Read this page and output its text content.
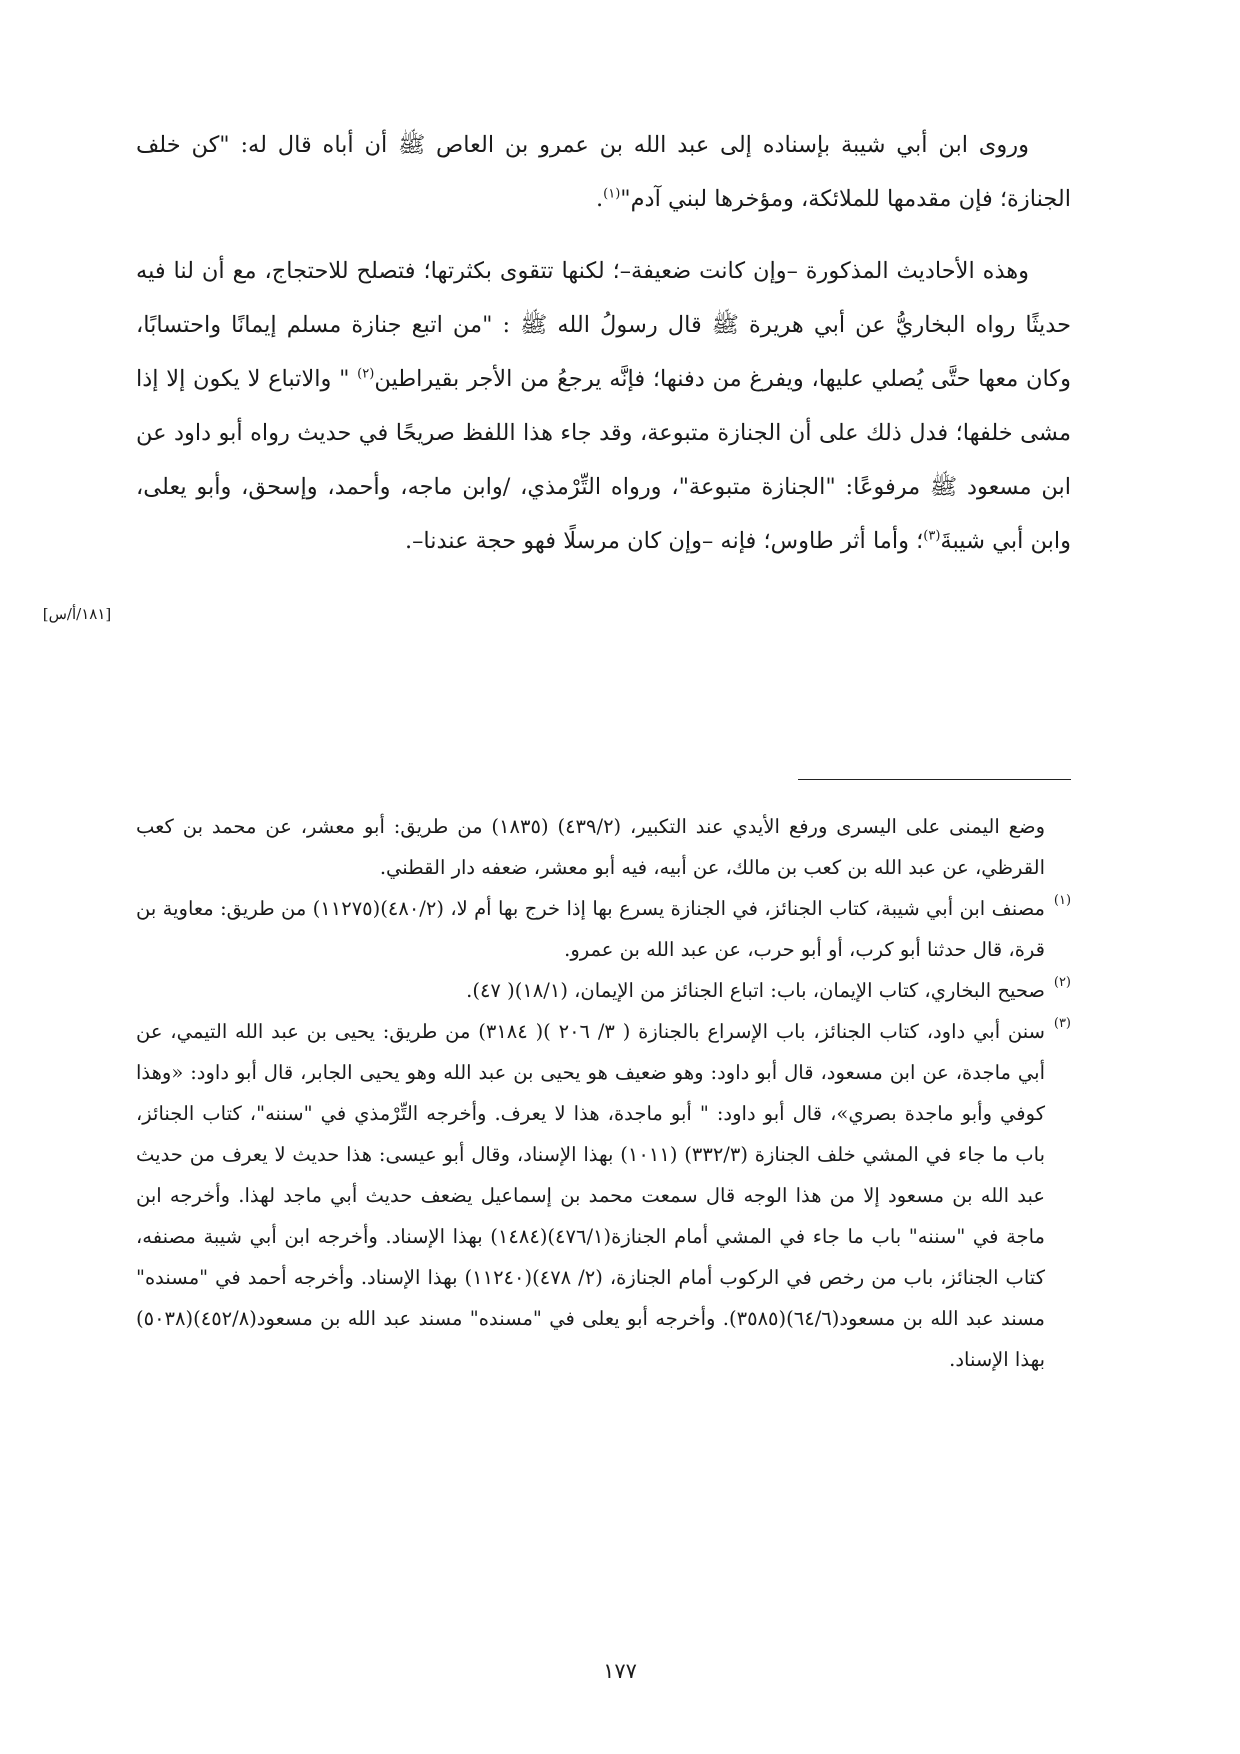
وروى ابن أبي شيبة بإسناده إلى عبد الله بن عمرو بن العاص ﷺ أن أباه قال له: "كن خلف الجنازة؛ فإن مقدمها للملائكة، ومؤخرها لبني آدم"$^{(١)}$.

وهذه الأحاديث المذكورة –وإن كانت ضعيفة–؛ لكنها تتقوى بكثرتها؛ فتصلح للاحتجاج، مع أن لنا فيه حديثًا رواه البخاريُّ عن أبي هريرة ﷺ قال رسولُ الله ﷺ : "من اتبع جنازة مسلم إيمانًا واحتسابًا، وكان معها حتَّى يُصلي عليها، ويفرغ من دفنها؛ فإنَّه يرجعُ من الأجر بقيراطين$^{(٢)}$ " والاتباع لا يكون إلا إذا مشى خلفها؛ فدل ذلك على أن الجنازة متبوعة، وقد جاء هذا اللفظ صريحًا في حديث رواه أبو داود عن ابن مسعود ﷺ مرفوعًا: "الجنازة متبوعة"، ورواه التِّرْمذي، /وابن ماجه، وأحمد، وإسحق، وأبو يعلى، وابن أبي شيبةَ$^{(٣)}$؛ وأما أثر طاوس؛ فإنه –وإن كان مرسلًا فهو حجة عندنا–.

[١٨١/أ/س]

وضع اليمنى على اليسرى ورفع الأيدي عند التكبير، (٤٣٩/٢) (١٨٣٥) من طريق: أبو معشر، عن محمد بن كعب القرظي، عن عبد الله بن كعب بن مالك، عن أبيه، فيه أبو معشر، ضعفه دار القطني.

(١)مصنف ابن أبي شيبة، كتاب الجنائز، في الجنازة يسرع بها إذا خرج بها أم لا، (٤٨٠/٢)(١١٢٧٥) من طريق: معاوية بن قرة، قال حدثنا أبو كرب، أو أبو حرب، عن عبد الله بن عمرو.

(٢)صحيح البخاري، كتاب الإيمان، باب: اتباع الجنائز من الإيمان، (١٨/١)( ٤٧).

(٣)سنن أبي داود، كتاب الجنائز، باب الإسراع بالجنازة ( ٣/ ٢٠٦ )( ٣١٨٤) من طريق: يحيى بن عبد الله التيمي، عن أبي ماجدة، عن ابن مسعود، قال أبو داود: وهو ضعيف هو يحيى بن عبد الله وهو يحيى الجابر، قال أبو داود: «وهذا كوفي وأبو ماجدة بصري»، قال أبو داود: " أبو ماجدة، هذا لا يعرف. وأخرجه التِّرْمذي في "سننه"، كتاب الجنائز، باب ما جاء في المشي خلف الجنازة (٣٣٢/٣) (١٠١١) بهذا الإسناد، وقال أبو عيسى: هذا حديث لا يعرف من حديث عبد الله بن مسعود إلا من هذا الوجه قال سمعت محمد بن إسماعيل يضعف حديث أبي ماجد لهذا. وأخرجه ابن ماجة في "سننه" باب ما جاء في المشي أمام الجنازة(٤٧٦/١)(١٤٨٤) بهذا الإسناد. وأخرجه ابن أبي شيبة مصنفه، كتاب الجنائز، باب من رخص في الركوب أمام الجنازة، (٢/ ٤٧٨)(١١٢٤٠) بهذا الإسناد. وأخرجه أحمد في "مسنده" مسند عبد الله بن مسعود(٦٤/٦)(٣٥٨٥). وأخرجه أبو يعلى في "مسنده" مسند عبد الله بن مسعود(٤٥٢/٨)(٥٠٣٨) بهذا الإسناد.

١٧٧
